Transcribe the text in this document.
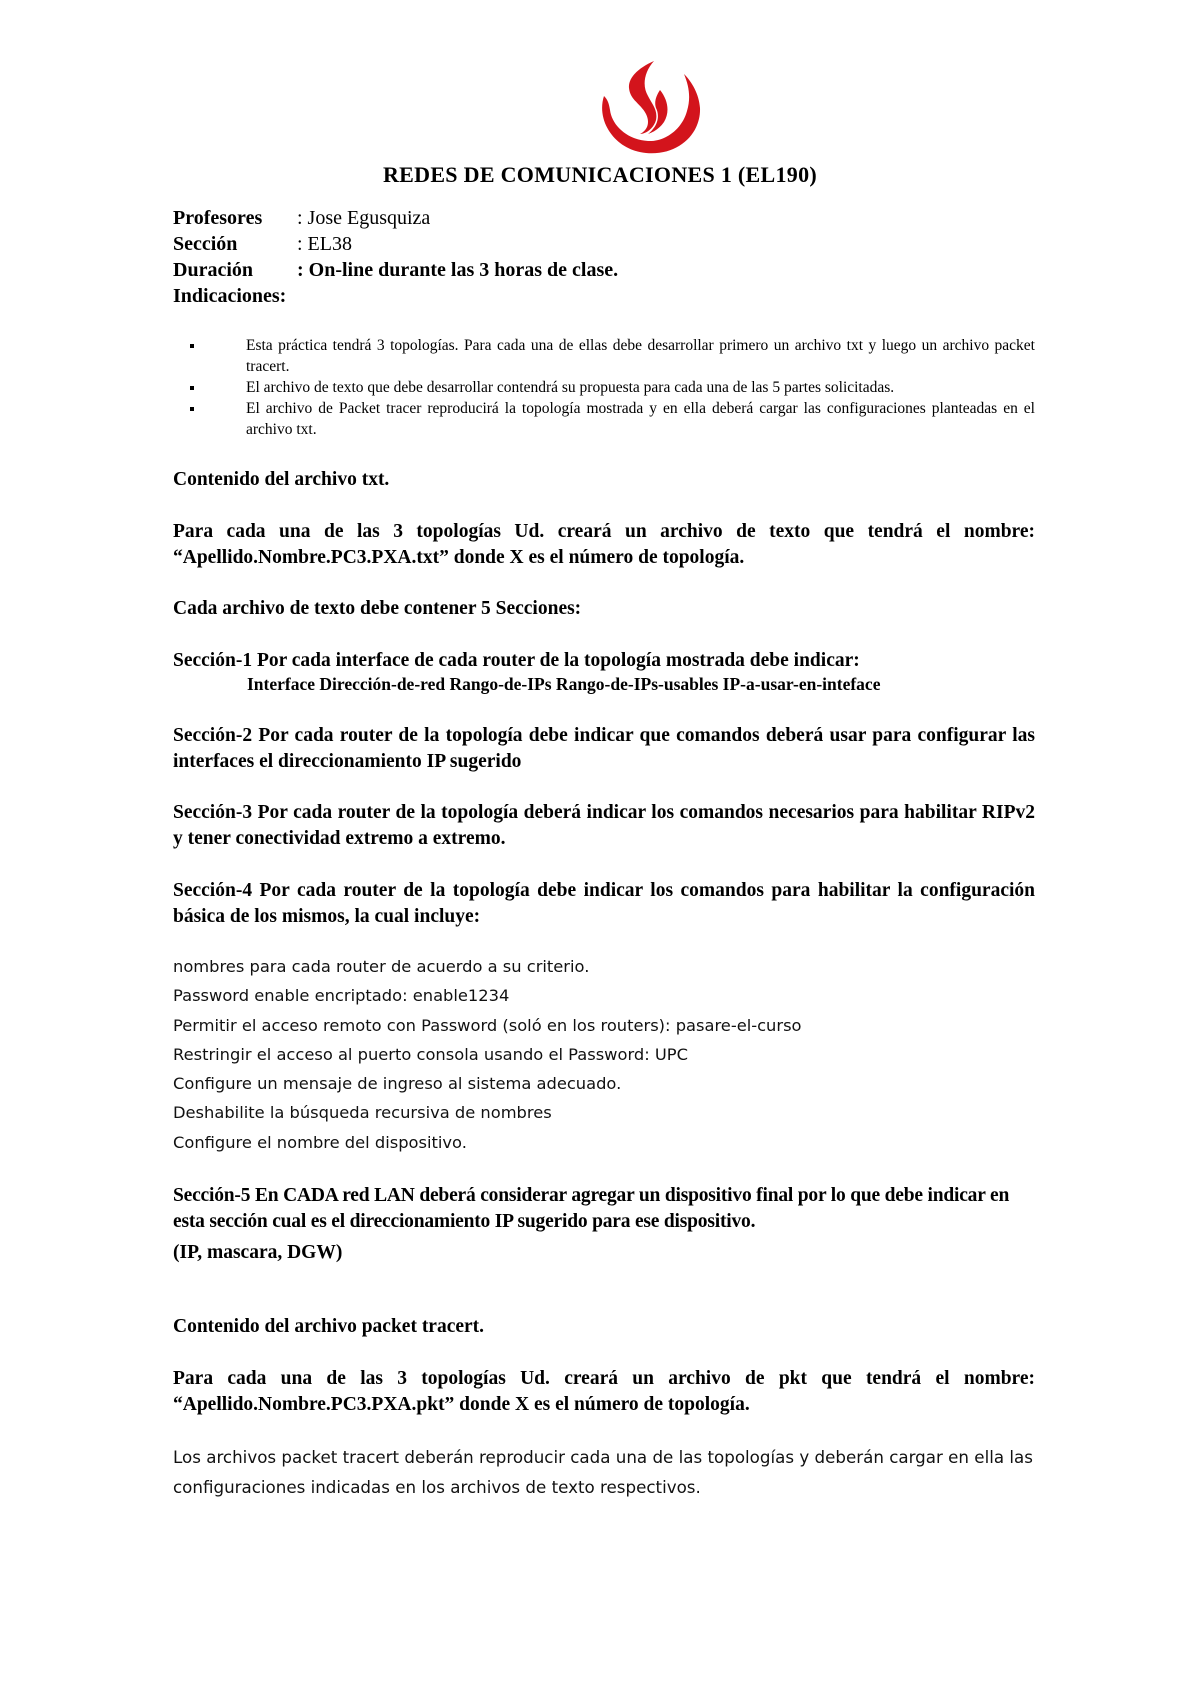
REDES DE COMUNICACIONES 1 (EL190)
Profesores : Jose Egusquiza
Sección	: EL38
Duración : On-line durante las 3 horas de clase.
Indicaciones:
Esta práctica tendrá 3 topologías. Para cada una de ellas debe desarrollar primero un archivo txt y luego un archivo packet tracert.
El archivo de texto que debe desarrollar contendrá su propuesta para cada una de las 5 partes solicitadas.
El archivo de Packet tracer reproducirá la topología mostrada y en ella deberá cargar las configuraciones planteadas en el archivo txt.
Contenido del archivo txt.
Para cada una de las 3 topologías Ud. creará un archivo de texto que tendrá el nombre: “Apellido.Nombre.PC3.PXA.txt” donde X es el número de topología.
Cada archivo de texto debe contener 5 Secciones:
Sección-1 Por cada interface de cada router de la topología mostrada debe indicar:
Interface Dirección-de-red Rango-de-IPs Rango-de-IPs-usables IP-a-usar-en-inteface
Sección-2 Por cada router de la topología debe indicar que comandos deberá usar para configurar las interfaces el direccionamiento IP sugerido
Sección-3 Por cada router de la topología deberá indicar los comandos necesarios para habilitar RIPv2 y tener conectividad extremo a extremo.
Sección-4 Por cada router de la topología debe indicar los comandos para habilitar la configuración básica de los mismos, la cual incluye:
nombres para cada router de acuerdo a su criterio.
Password enable encriptado: enable1234
Permitir el acceso remoto con Password (soló en los routers): pasare-el-curso
Restringir el acceso al puerto consola usando el Password: UPC
Configure un mensaje de ingreso al sistema adecuado.
Deshabilite la búsqueda recursiva de nombres
Configure el nombre del dispositivo.
Sección-5 En CADA red LAN deberá considerar agregar un dispositivo final por lo que debe indicar en esta sección cual es el direccionamiento IP sugerido para ese dispositivo.
(IP, mascara, DGW)
Contenido del archivo packet tracert.
Para cada una de las 3 topologías Ud. creará un archivo de pkt que tendrá el nombre: “Apellido.Nombre.PC3.PXA.pkt” donde X es el número de topología.
Los archivos packet tracert deberán reproducir cada una de las topologías y deberán cargar en ella las configuraciones indicadas en los archivos de texto respectivos.
